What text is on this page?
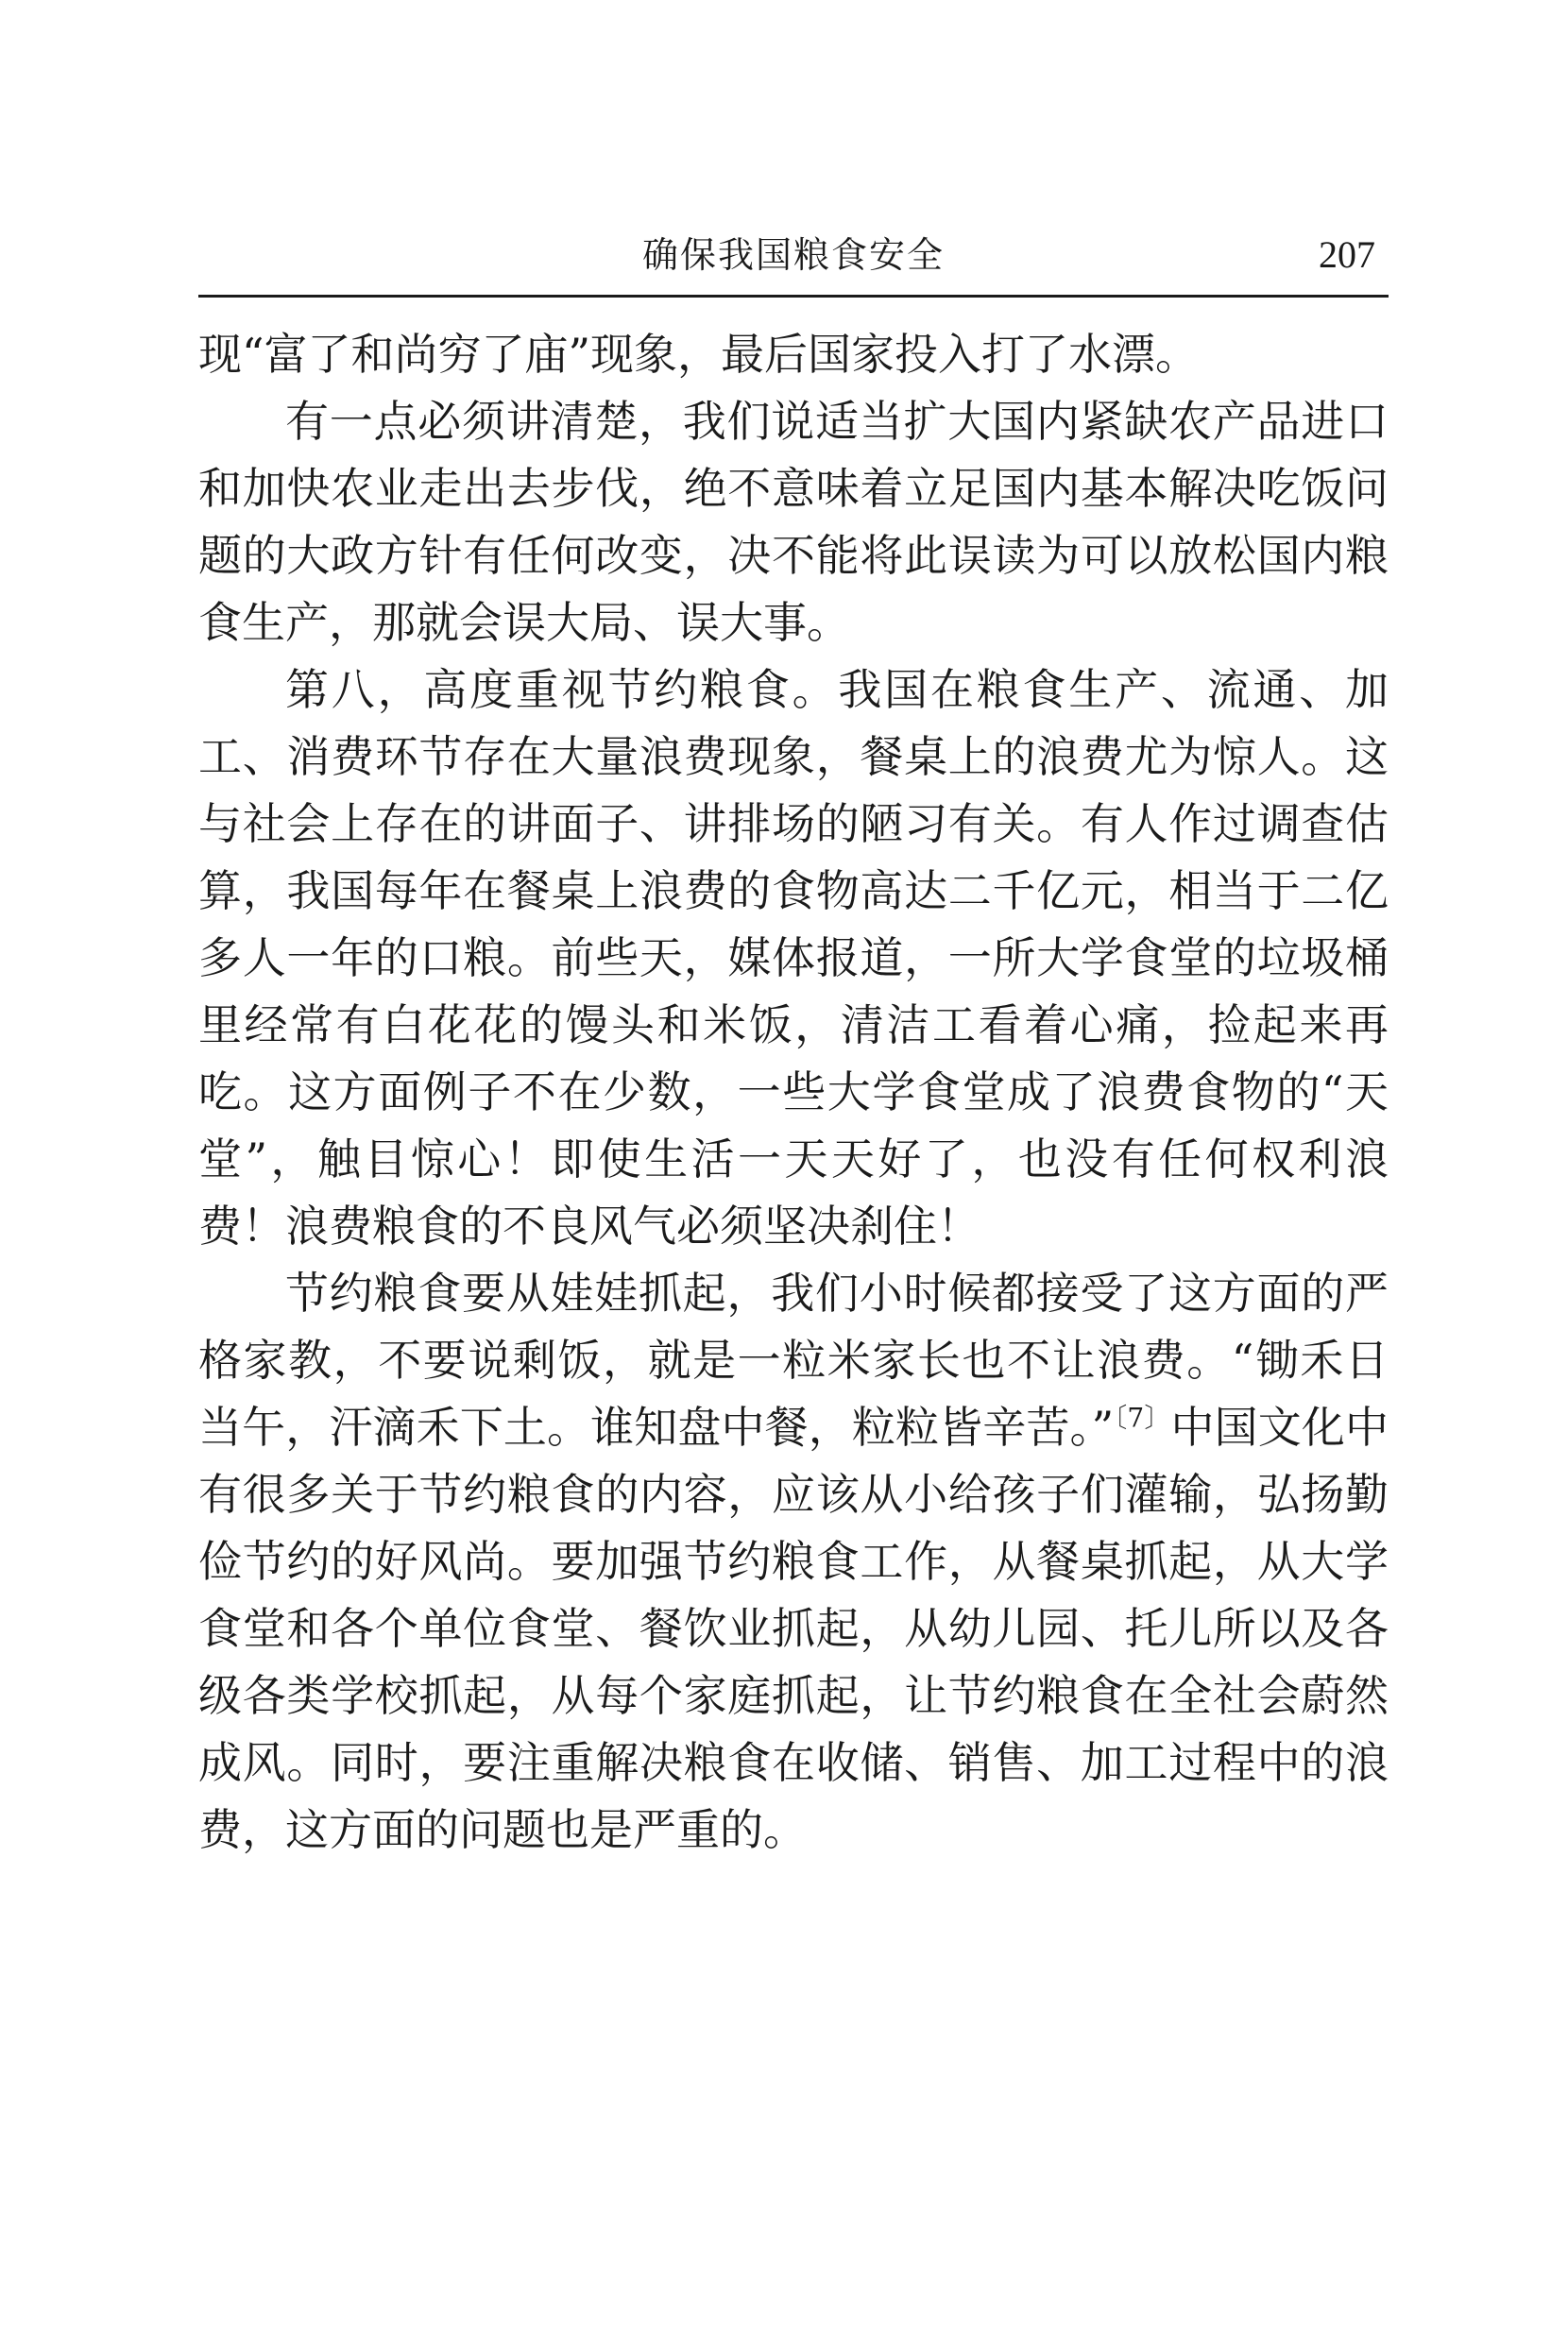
确保我国粮食安全	207

现“富了和尚穷了庙”现象，最后国家投入打了水漂。

有一点必须讲清楚，我们说适当扩大国内紧缺农产品进口和加快农业走出去步伐，绝不意味着立足国内基本解决吃饭问题的大政方针有任何改变，决不能将此误读为可以放松国内粮食生产，那就会误大局、误大事。

第八，高度重视节约粮食。我国在粮食生产、流通、加工、消费环节存在大量浪费现象，餐桌上的浪费尤为惊人。这与社会上存在的讲面子、讲排场的陋习有关。有人作过调查估算，我国每年在餐桌上浪费的食物高达二千亿元，相当于二亿多人一年的口粮。前些天，媒体报道，一所大学食堂的垃圾桶里经常有白花花的馒头和米饭，清洁工看着心痛，捡起来再吃。这方面例子不在少数，一些大学食堂成了浪费食物的“天堂”，触目惊心！即使生活一天天好了，也没有任何权利浪费！浪费粮食的不良风气必须坚决刹住！

节约粮食要从娃娃抓起，我们小时候都接受了这方面的严格家教，不要说剩饭，就是一粒米家长也不让浪费。“锄禾日当午，汗滴禾下土。谁知盘中餐，粒粒皆辛苦。”$^{〔7〕}$中国文化中有很多关于节约粮食的内容，应该从小给孩子们灌输，弘扬勤俭节约的好风尚。要加强节约粮食工作，从餐桌抓起，从大学食堂和各个单位食堂、餐饮业抓起，从幼儿园、托儿所以及各级各类学校抓起，从每个家庭抓起，让节约粮食在全社会蔚然成风。同时，要注重解决粮食在收储、销售、加工过程中的浪费，这方面的问题也是严重的。
